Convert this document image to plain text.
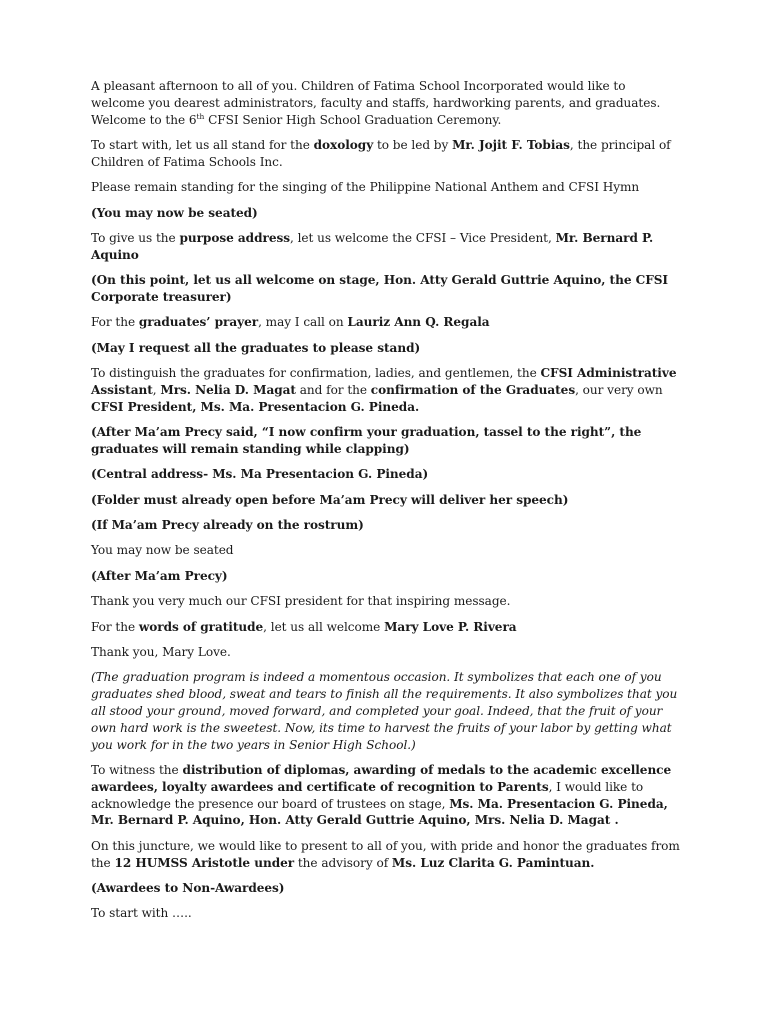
A pleasant afternoon to all of you. Children of Fatima School Incorporated would like to welcome you dearest administrators, faculty and staffs, hardworking parents, and graduates. Welcome to the 6th CFSI Senior High School Graduation Ceremony.

To start with, let us all stand for the doxology to be led by Mr. Jojit F. Tobias, the principal of Children of Fatima Schools Inc.

Please remain standing for the singing of the Philippine National Anthem and CFSI Hymn

(You may now be seated)

To give us the purpose address, let us welcome the CFSI – Vice President, Mr. Bernard P. Aquino

(On this point, let us all welcome on stage, Hon. Atty Gerald Guttrie Aquino, the CFSI Corporate treasurer)

For the graduates’ prayer, may I call on Lauriz Ann Q. Regala

(May I request all the graduates to please stand)

To distinguish the graduates for confirmation, ladies, and gentlemen, the CFSI Administrative Assistant, Mrs. Nelia D. Magat and for the confirmation of the Graduates, our very own CFSI President, Ms. Ma. Presentacion G. Pineda.

(After Ma’am Precy said, “I now confirm your graduation, tassel to the right”, the graduates will remain standing while clapping)

(Central address- Ms. Ma Presentacion G. Pineda)

(Folder must already open before Ma’am Precy will deliver her speech)

(If Ma’am Precy already on the rostrum)

You may now be seated

(After Ma’am Precy)

Thank you very much our CFSI president for that inspiring message.

For the words of gratitude, let us all welcome Mary Love P. Rivera

Thank you, Mary Love.

(The graduation program is indeed a momentous occasion. It symbolizes that each one of you graduates shed blood, sweat and tears to finish all the requirements. It also symbolizes that you all stood your ground, moved forward, and completed your goal. Indeed, that the fruit of your own hard work is the sweetest. Now, its time to harvest the fruits of your labor by getting what you work for in the two years in Senior High School.)

To witness the distribution of diplomas, awarding of medals to the academic excellence awardees, loyalty awardees and certificate of recognition to Parents, I would like to acknowledge the presence our board of trustees on stage, Ms. Ma. Presentacion G. Pineda, Mr. Bernard P. Aquino, Hon. Atty Gerald Guttrie Aquino, Mrs. Nelia D. Magat .

On this juncture, we would like to present to all of you, with pride and honor the graduates from the 12 HUMSS Aristotle under the advisory of Ms. Luz Clarita G. Pamintuan.

(Awardees to Non-Awardees)

To start with …..
